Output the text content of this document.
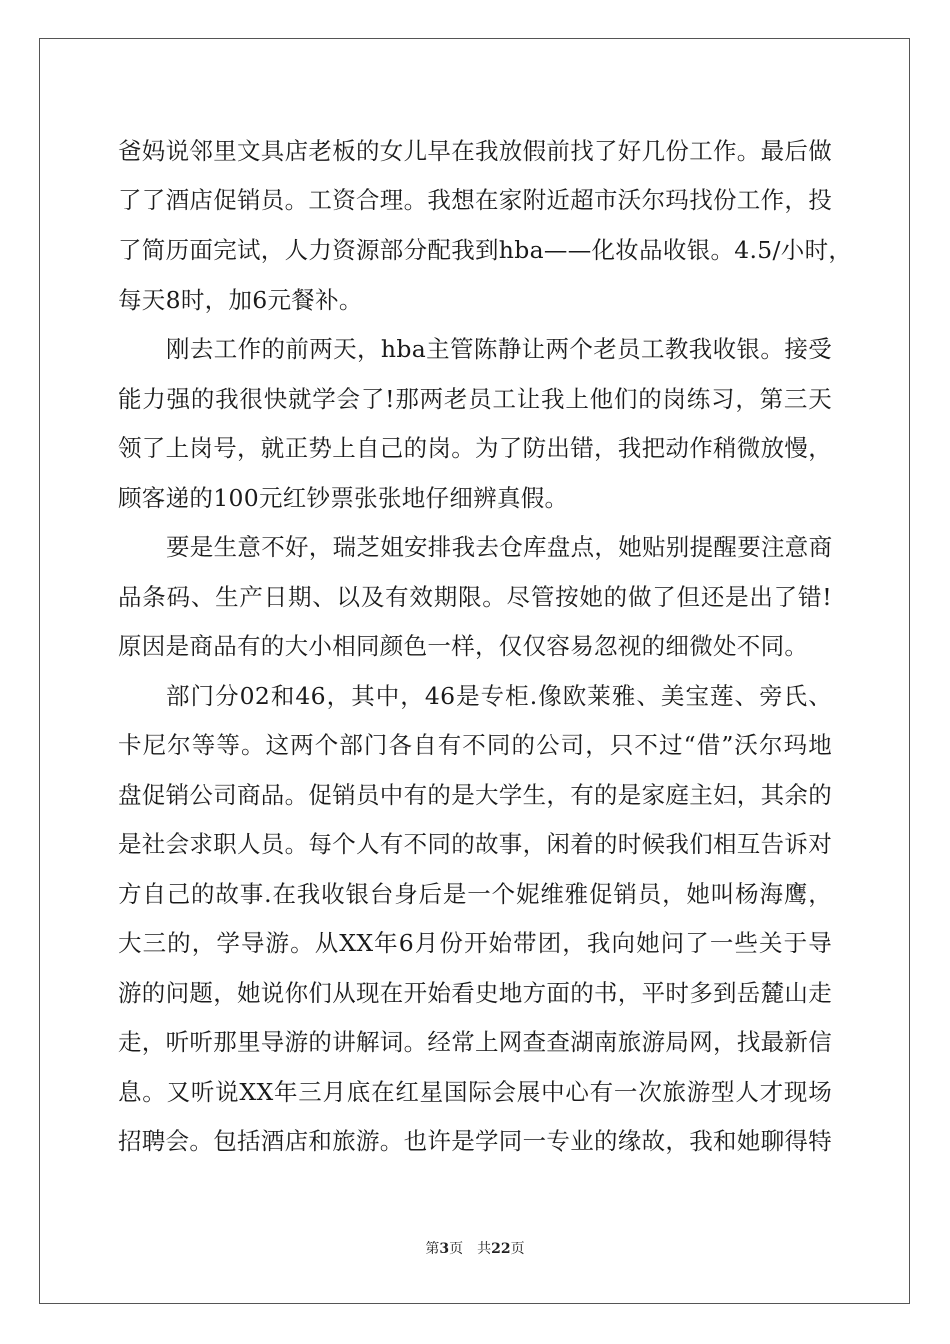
爸妈说邻里文具店老板的女儿早在我放假前找了好几份工作。最后做
了了酒店促销员。工资合理。我想在家附近超市沃尔玛找份工作，投
了简历面完试，人力资源部分配我到hba——化妆品收银。4.5/小时，
每天8时，加6元餐补。
刚去工作的前两天，hba主管陈静让两个老员工教我收银。接受
能力强的我很快就学会了!那两老员工让我上他们的岗练习，第三天
领了上岗号，就正势上自己的岗。为了防出错，我把动作稍微放慢，
顾客递的100元红钞票张张地仔细辨真假。
要是生意不好，瑞芝姐安排我去仓库盘点，她贴别提醒要注意商
品条码、生产日期、以及有效期限。尽管按她的做了但还是出了错!
原因是商品有的大小相同颜色一样，仅仅容易忽视的细微处不同。
部门分02和46，其中，46是专柜.像欧莱雅、美宝莲、旁氏、
卡尼尔等等。这两个部门各自有不同的公司，只不过“借”沃尔玛地
盘促销公司商品。促销员中有的是大学生，有的是家庭主妇，其余的
是社会求职人员。每个人有不同的故事，闲着的时候我们相互告诉对
方自己的故事.在我收银台身后是一个妮维雅促销员，她叫杨海鹰，
大三的，学导游。从XX年6月份开始带团，我向她问了一些关于导
游的问题，她说你们从现在开始看史地方面的书，平时多到岳麓山走
走，听听那里导游的讲解词。经常上网查查湖南旅游局网，找最新信
息。又听说XX年三月底在红星国际会展中心有一次旅游型人才现场
招聘会。包括酒店和旅游。也许是学同一专业的缘故，我和她聊得特
第3页　共22页
